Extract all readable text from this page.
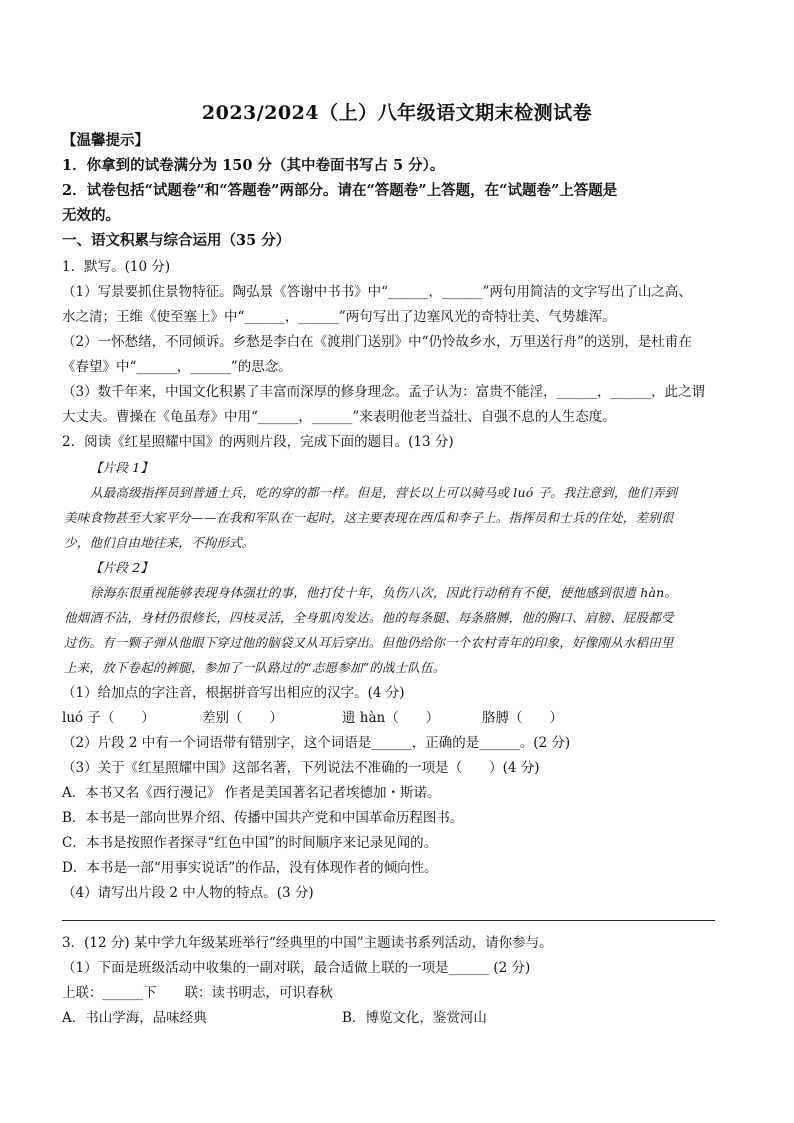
2023/2024（上）八年级语文期末检测试卷
【温馨提示】
1．你拿到的试卷满分为 150 分（其中卷面书写占 5 分）。
2．试卷包括“试题卷”和“答题卷”两部分。请在“答题卷”上答题，在“试题卷”上答题是
无效的。
一、语文积累与综合运用（35 分）
1．默写。(10 分)
（1）写景要抓住景物特征。陶弘景《答谢中书书》中“______，______”两句用简洁的文字写出了山之高、
水之清；王维《使至塞上》中“______，______”两句写出了边塞风光的奇特壮美、气势雄浑。
（2）一怀愁绪，不同倾诉。乡愁是李白在《渡荆门送别》中“仍怜故乡水，万里送行舟”的送别，是杜甫在
《春望》中“______，______”的思念。
（3）数千年来，中国文化积累了丰富而深厚的修身理念。孟子认为：富贵不能淫，______，______，此之谓
大丈夫。曹操在《龟虽寿》中用“______，______”来表明他老当益壮、自强不息的人生态度。
2．阅读《红星照耀中国》的两则片段，完成下面的题目。(13 分)
【片段 1】
从最高级指挥员到普通士兵，吃的穿的都一样。但是，营长以上可以骑马或 luó 子。我注意到，他们弄到
美味食物甚至大家平分——在我和军队在一起时，这主要表现在西瓜和李子上。指挥员和士兵的住处，差别很
少，他们自由地往来，不拘形式。
【片段 2】
徐海东很重视能够表现身体强壮的事，他打仗十年，负伤八次，因此行动稍有不便，使他感到很遗 hàn。
他烟酒不沾，身材仍很修长，四枝灵活，全身肌肉发达。他的每条腿、每条胳膊，他的胸口、肩膀、屁股都受
过伤。有一颗子弹从他眼下穿过他的脑袋又从耳后穿出。但他仍给你一个农村青年的印象，好像刚从水稻田里
上来，放下卷起的裤腿，参加了一队路过的“志愿参加”的战士队伍。
（1）给加点的字注音，根据拼音写出相应的汉字。(4 分)
luó 子（　　）	差别（　　）	遗 hàn（　　）	胳膊（　　）
（2）片段 2 中有一个词语带有错别字，这个词语是______，正确的是______。(2 分)
（3）关于《红星照耀中国》这部名著，下列说法不准确的一项是（　　）(4 分)
A．本书又名《西行漫记》 作者是美国著名记者埃德加・斯诺。
B．本书是一部向世界介绍、传播中国共产党和中国革命历程图书。
C．本书是按照作者探寻“红色中国”的时间顺序来记录见闻的。
D．本书是一部“用事实说话”的作品，没有体现作者的倾向性。
（4）请写出片段 2 中人物的特点。(3 分)
3．(12 分) 某中学九年级某班举行“经典里的中国”主题读书系列活动，请你参与。
（1）下面是班级活动中收集的一副对联，最合适做上联的一项是______ (2 分)
上联：______下 联：读书明志，可识春秋
A．书山学海，品味经典	B．博览文化，鉴赏河山
